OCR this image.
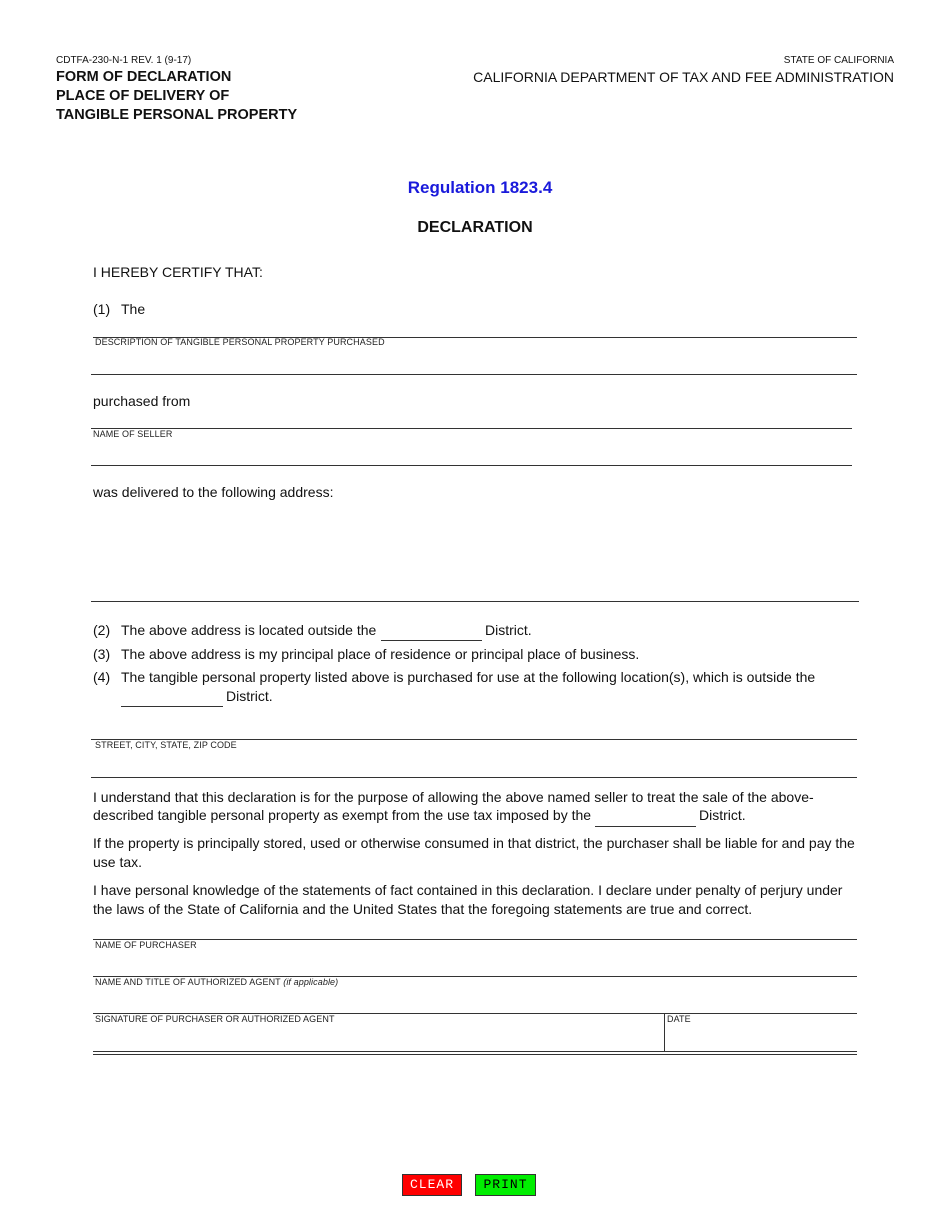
CDTFA-230-N-1 REV. 1 (9-17)
FORM OF DECLARATION
PLACE OF DELIVERY OF
TANGIBLE PERSONAL PROPERTY
STATE OF CALIFORNIA
CALIFORNIA DEPARTMENT OF TAX AND FEE ADMINISTRATION
Regulation 1823.4
DECLARATION
I HEREBY CERTIFY THAT:
(1) The
DESCRIPTION OF TANGIBLE PERSONAL PROPERTY PURCHASED
purchased from
NAME OF SELLER
was delivered to the following address:
(2) The above address is located outside the	District.
(3) The above address is my principal place of residence or principal place of business.
(4) The tangible personal property listed above is purchased for use at the following location(s), which is outside the
District.
STREET, CITY, STATE, ZIP CODE
I understand that this declaration is for the purpose of allowing the above named seller to treat the sale of the above-
described tangible personal property as exempt from the use tax imposed by the	District.
If the property is principally stored, used or otherwise consumed in that district, the purchaser shall be liable for and pay the
use tax.
I have personal knowledge of the statements of fact contained in this declaration. I declare under penalty of perjury under
the laws of the State of California and the United States that the foregoing statements are true and correct.
NAME OF PURCHASER
NAME AND TITLE OF AUTHORIZED AGENT (if applicable)
SIGNATURE OF PURCHASER OR AUTHORIZED AGENT	DATE
CLEAR	PRINT
